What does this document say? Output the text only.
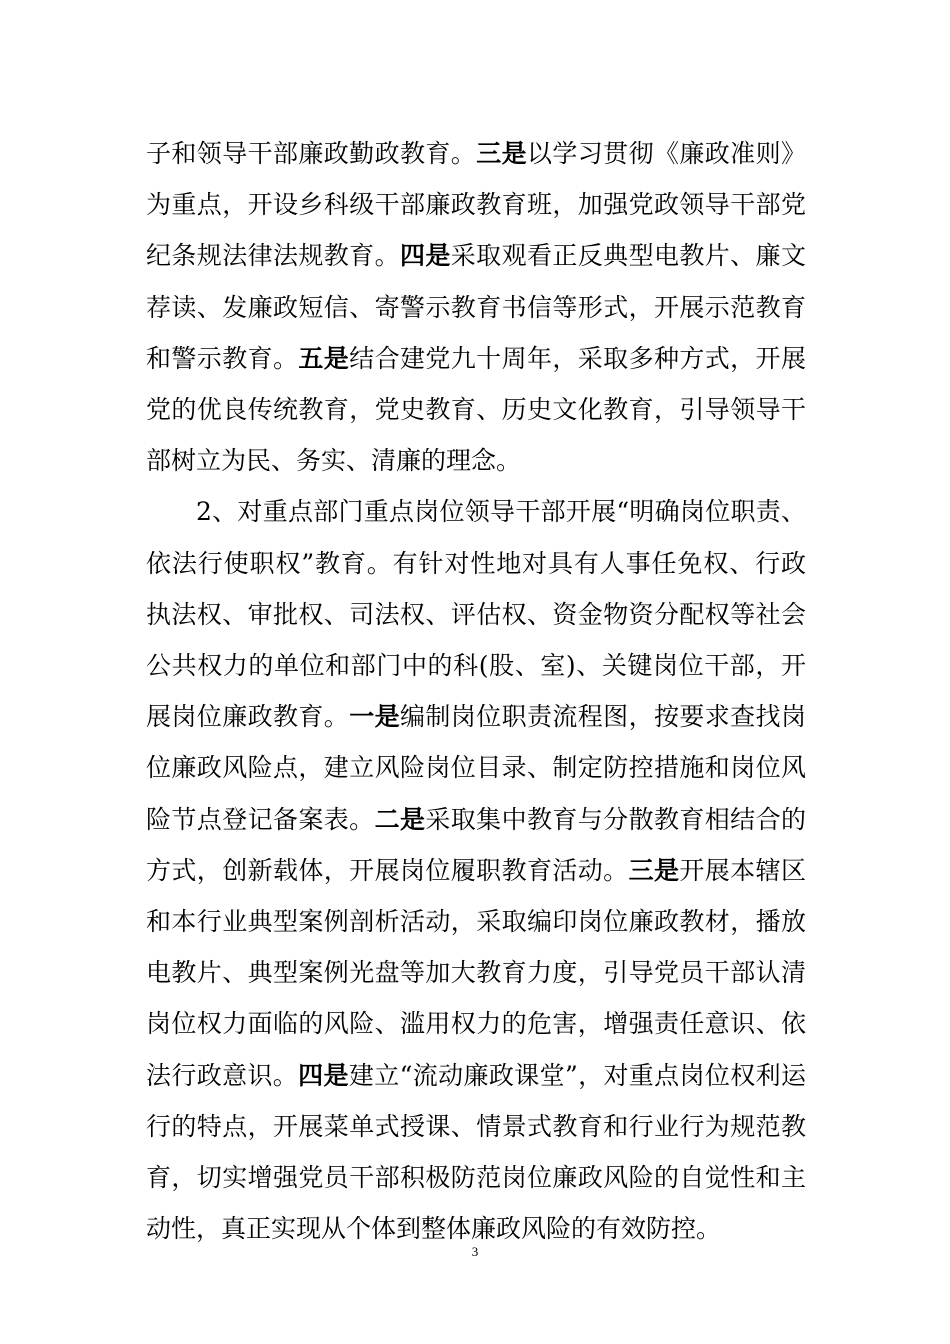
子和领导干部廉政勤政教育。三是以学习贯彻《廉政准则》为重点，开设乡科级干部廉政教育班，加强党政领导干部党纪条规法律法规教育。四是采取观看正反典型电教片、廉文荐读、发廉政短信、寄警示教育书信等形式，开展示范教育和警示教育。五是结合建党九十周年，采取多种方式，开展党的优良传统教育，党史教育、历史文化教育，引导领导干部树立为民、务实、清廉的理念。

2、对重点部门重点岗位领导干部开展“明确岗位职责、依法行使职权”教育。有针对性地对具有人事任免权、行政执法权、审批权、司法权、评估权、资金物资分配权等社会公共权力的单位和部门中的科(股、室)、关键岗位干部，开展岗位廉政教育。一是编制岗位职责流程图，按要求查找岗位廉政风险点，建立风险岗位目录、制定防控措施和岗位风险节点登记备案表。二是采取集中教育与分散教育相结合的方式，创新载体，开展岗位履职教育活动。三是开展本辖区和本行业典型案例剖析活动，采取编印岗位廉政教材，播放电教片、典型案例光盘等加大教育力度，引导党员干部认清岗位权力面临的风险、滥用权力的危害，增强责任意识、依法行政意识。四是建立“流动廉政课堂”，对重点岗位权利运行的特点，开展菜单式授课、情景式教育和行业行为规范教育，切实增强党员干部积极防范岗位廉政风险的自觉性和主动性，真正实现从个体到整体廉政风险的有效防控。

3
